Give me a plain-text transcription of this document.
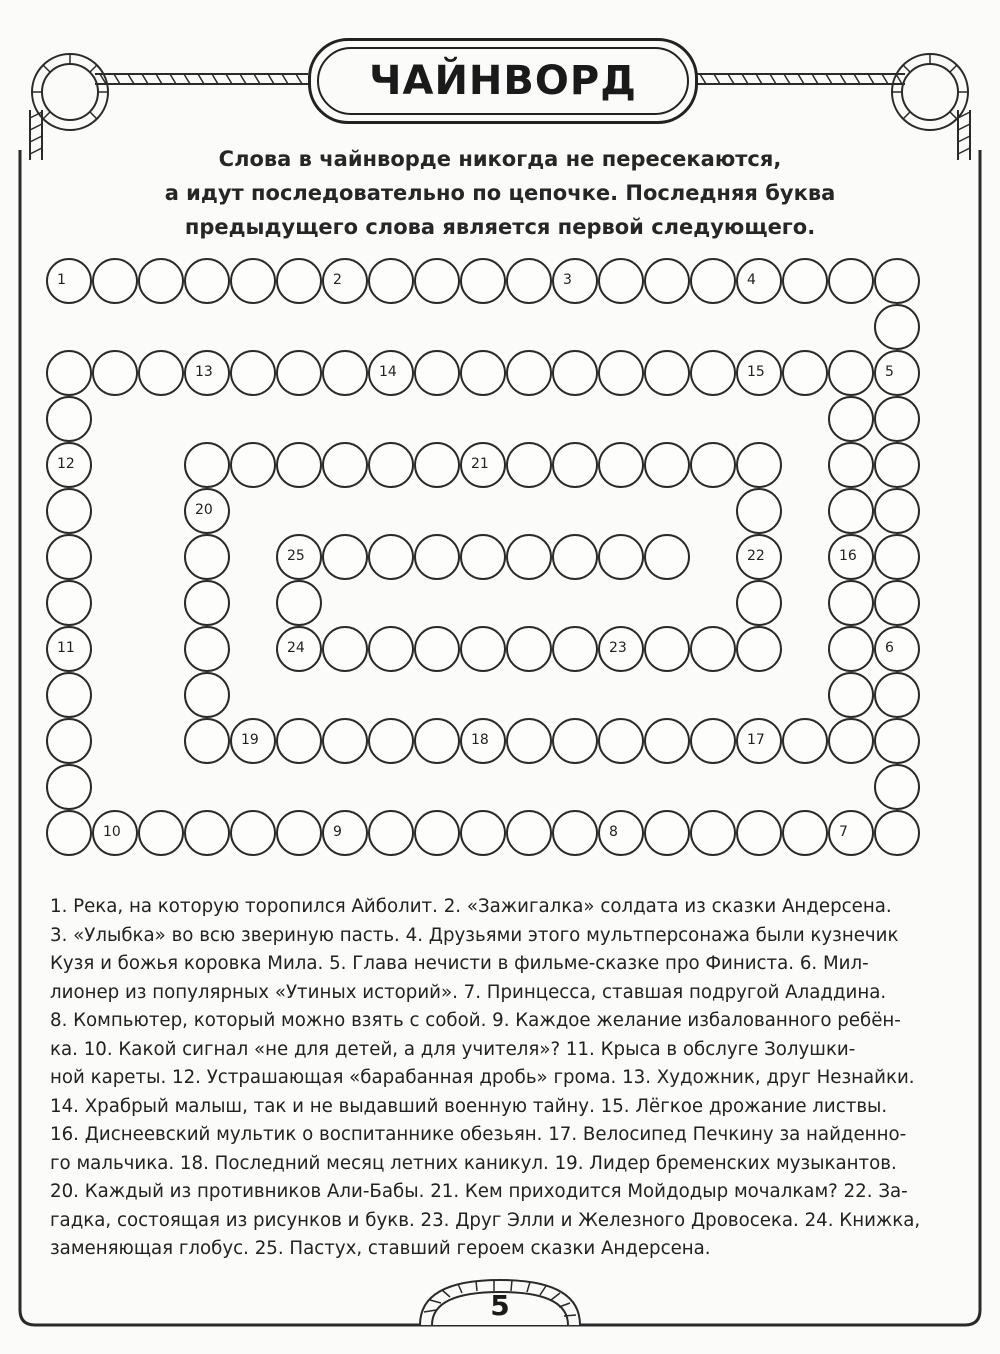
ЧАЙНВОРД
Слова в чайнворде никогда не пересекаются,
а идут последовательно по цепочке. Последняя буква
предыдущего слова является первой следующего.
1	2	3	4
5
6
10	9	8	7
12
11
13	14	15
16
19	18	17
20
21
22
24	23
25
1. Река, на которую торопился Айболит. 2. «Зажигалка» солдата из сказки Андерсена.
3. «Улыбка» во всю звериную пасть. 4. Друзьями этого мультперсонажа были кузнечик
Кузя и божья коровка Мила. 5. Глава нечисти в фильме-сказке про Финиста. 6. Мил-
лионер из популярных «Утиных историй». 7. Принцесса, ставшая подругой Аладдина.
8. Компьютер, который можно взять с собой. 9. Каждое желание избалованного ребён-
ка. 10. Какой сигнал «не для детей, а для учителя»? 11. Крыса в обслуге Золушки-
ной кареты. 12. Устрашающая «барабанная дробь» грома. 13. Художник, друг Незнайки.
14. Храбрый малыш, так и не выдавший военную тайну. 15. Лёгкое дрожание листвы.
16. Диснеевский мультик о воспитаннике обезьян. 17. Велосипед Печкину за найденно-
го мальчика. 18. Последний месяц летних каникул. 19. Лидер бременских музыкантов.
20. Каждый из противников Али-Бабы. 21. Кем приходится Мойдодыр мочалкам? 22. За-
гадка, состоящая из рисунков и букв. 23. Друг Элли и Железного Дровосека. 24. Книжка,
заменяющая глобус. 25. Пастух, ставший героем сказки Андерсена.
5
